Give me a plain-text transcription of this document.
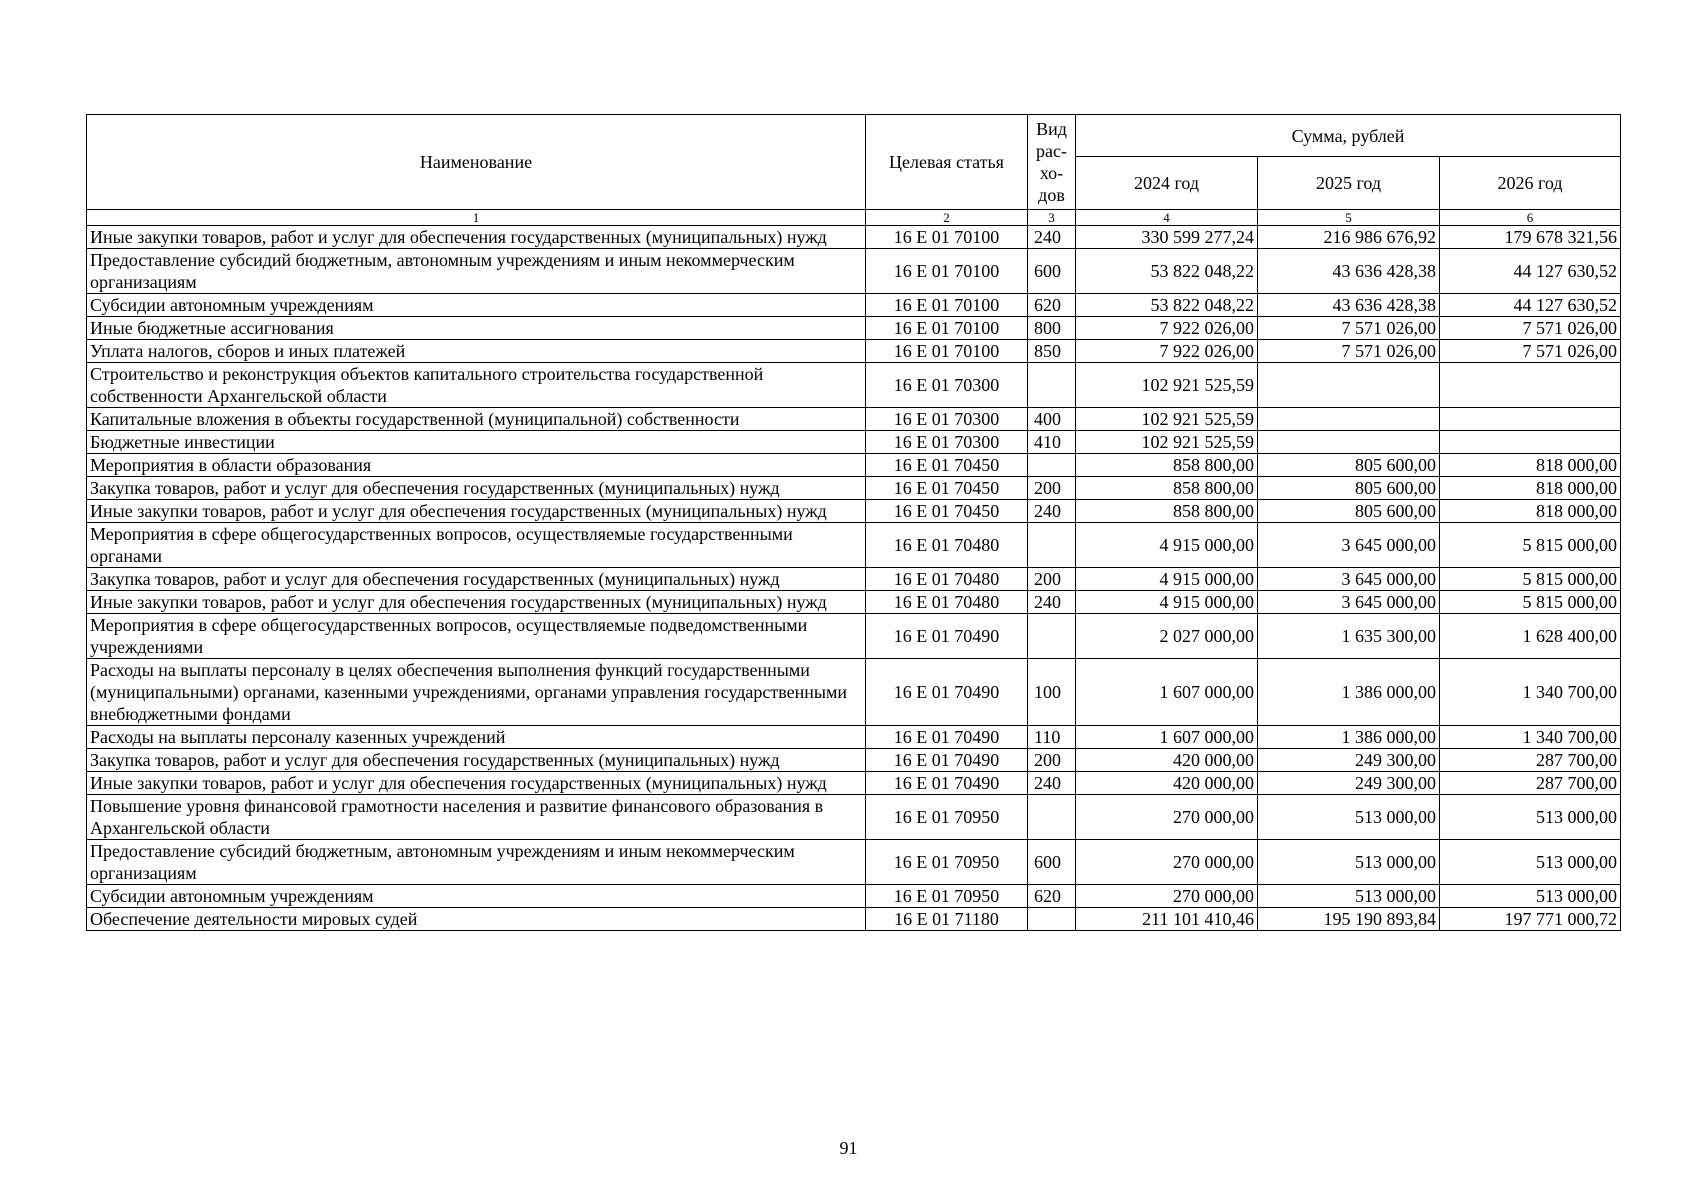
Наименование	Целевая статья	Вид рас-хо-дов	Сумма, рублей		
			2024 год	2025 год	2026 год
1	2	3	4	5	6
Иные закупки товаров, работ и услуг для обеспечения государственных (муниципальных) нужд	16 Е 01 70100	240	330 599 277,24	216 986 676,92	179 678 321,56
Предоставление субсидий бюджетным, автономным учреждениям и иным некоммерческим организациям	16 Е 01 70100	600	53 822 048,22	43 636 428,38	44 127 630,52
Субсидии автономным учреждениям	16 Е 01 70100	620	53 822 048,22	43 636 428,38	44 127 630,52
Иные бюджетные ассигнования	16 Е 01 70100	800	7 922 026,00	7 571 026,00	7 571 026,00
Уплата налогов, сборов и иных платежей	16 Е 01 70100	850	7 922 026,00	7 571 026,00	7 571 026,00
Строительство и реконструкция объектов капитального строительства государственной собственности Архангельской области	16 Е 01 70300		102 921 525,59		
Капитальные вложения в объекты государственной (муниципальной) собственности	16 Е 01 70300	400	102 921 525,59		
Бюджетные инвестиции	16 Е 01 70300	410	102 921 525,59		
Мероприятия в области образования	16 Е 01 70450		858 800,00	805 600,00	818 000,00
Закупка товаров, работ и услуг для обеспечения государственных (муниципальных) нужд	16 Е 01 70450	200	858 800,00	805 600,00	818 000,00
Иные закупки товаров, работ и услуг для обеспечения государственных (муниципальных) нужд	16 Е 01 70450	240	858 800,00	805 600,00	818 000,00
Мероприятия в сфере общегосударственных вопросов, осуществляемые государственными органами	16 Е 01 70480		4 915 000,00	3 645 000,00	5 815 000,00
Закупка товаров, работ и услуг для обеспечения государственных (муниципальных) нужд	16 Е 01 70480	200	4 915 000,00	3 645 000,00	5 815 000,00
Иные закупки товаров, работ и услуг для обеспечения государственных (муниципальных) нужд	16 Е 01 70480	240	4 915 000,00	3 645 000,00	5 815 000,00
Мероприятия в сфере общегосударственных вопросов, осуществляемые подведомственными учреждениями	16 Е 01 70490		2 027 000,00	1 635 300,00	1 628 400,00
Расходы на выплаты персоналу в целях обеспечения выполнения функций государственными (муниципальными) органами, казенными учреждениями, органами управления государственными внебюджетными фондами	16 Е 01 70490	100	1 607 000,00	1 386 000,00	1 340 700,00
Расходы на выплаты персоналу казенных учреждений	16 Е 01 70490	110	1 607 000,00	1 386 000,00	1 340 700,00
Закупка товаров, работ и услуг для обеспечения государственных (муниципальных) нужд	16 Е 01 70490	200	420 000,00	249 300,00	287 700,00
Иные закупки товаров, работ и услуг для обеспечения государственных (муниципальных) нужд	16 Е 01 70490	240	420 000,00	249 300,00	287 700,00
Повышение уровня финансовой грамотности населения и развитие финансового образования в Архангельской области	16 Е 01 70950		270 000,00	513 000,00	513 000,00
Предоставление субсидий бюджетным, автономным учреждениям и иным некоммерческим организациям	16 Е 01 70950	600	270 000,00	513 000,00	513 000,00
Субсидии автономным учреждениям	16 Е 01 70950	620	270 000,00	513 000,00	513 000,00
Обеспечение деятельности мировых судей	16 Е 01 71180		211 101 410,46	195 190 893,84	197 771 000,72
91
